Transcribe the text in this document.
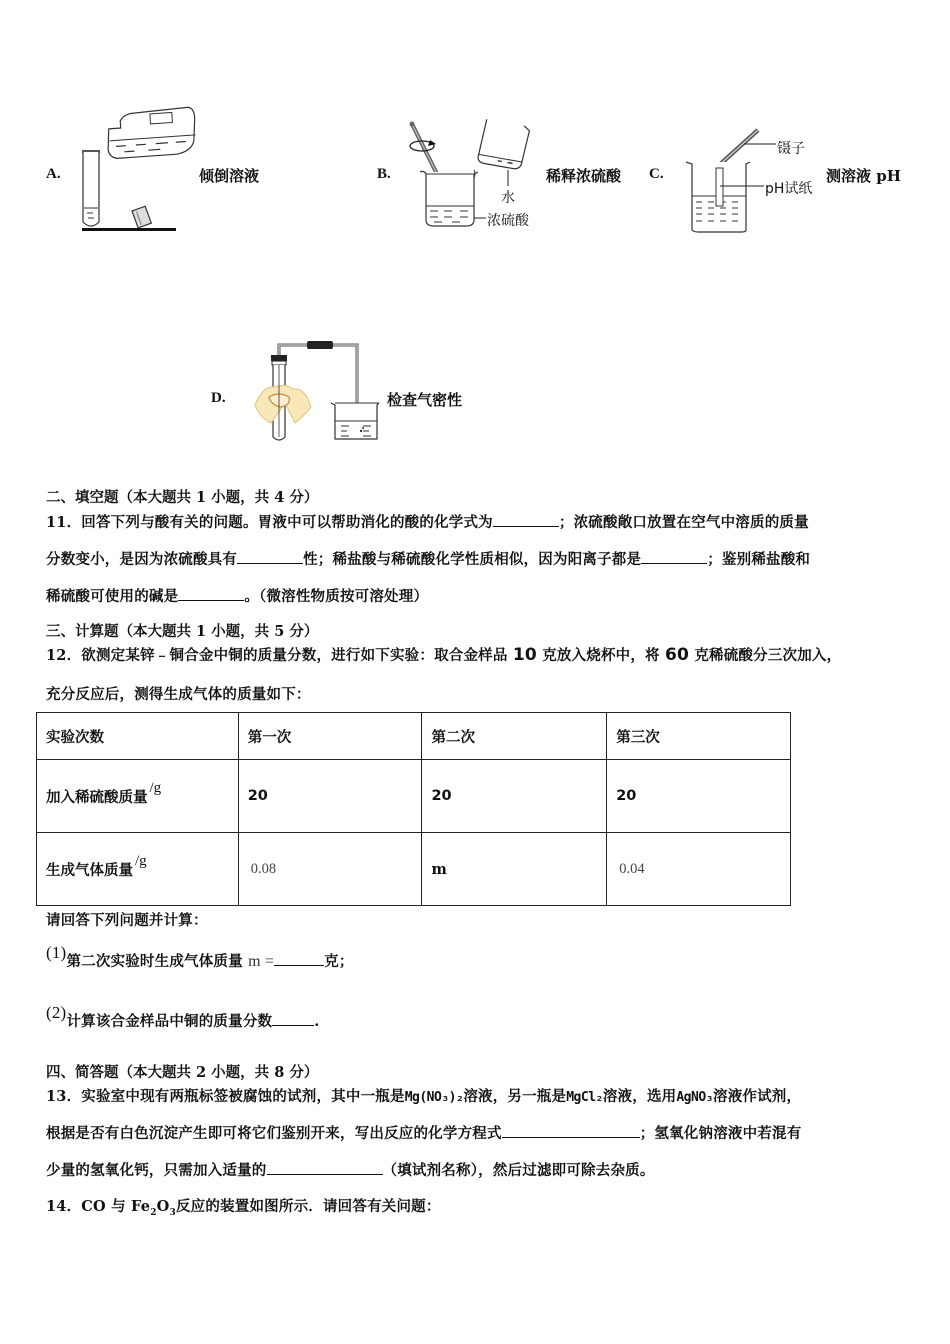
A.	倾倒溶液	B.
水
浓硫酸
稀释浓硫酸 C.
镊子
pH试纸
测溶液 pH
D.	检查气密性
二、填空题（本大题共 1 小题，共 4 分）
11．回答下列与酸有关的问题。胃液中可以帮助消化的酸的化学式为	；浓硫酸敞口放置在空气中溶质的质量
分数变小，是因为浓硫酸具有	性；稀盐酸与稀硫酸化学性质相似，因为阳离子都是	；鉴别稀盐酸和
稀硫酸可使用的碱是	。（微溶性物质按可溶处理）
三、计算题（本大题共 1 小题，共 5 分）
12．欲测定某锌﹣铜合金中铜的质量分数，进行如下实验：取合金样品 10 克放入烧杯中，将 60 克稀硫酸分三次加入，
充分反应后，测得生成气体的质量如下：
实验次数	第一次	第二次	第三次
加入稀硫酸质量/g	20	20	20
生成气体质量/g	0.08	m	0.04
请回答下列问题并计算：
(1)第二次实验时生成气体质量 m =	克；
(2)计算该合金样品中铜的质量分数	.
四、简答题（本大题共 2 小题，共 8 分）
13．实验室中现有两瓶标签被腐蚀的试剂，其中一瓶是Mg(NO₃)₂溶液，另一瓶是MgCl₂溶液，选用AgNO₃溶液作试剂，
根据是否有白色沉淀产生即可将它们鉴别开来，写出反应的化学方程式	；氢氧化钠溶液中若混有
少量的氢氧化钙，只需加入适量的	（填试剂名称），然后过滤即可除去杂质。
14．CO 与 $Fe_2O_3$反应的装置如图所示．请回答有关问题：
